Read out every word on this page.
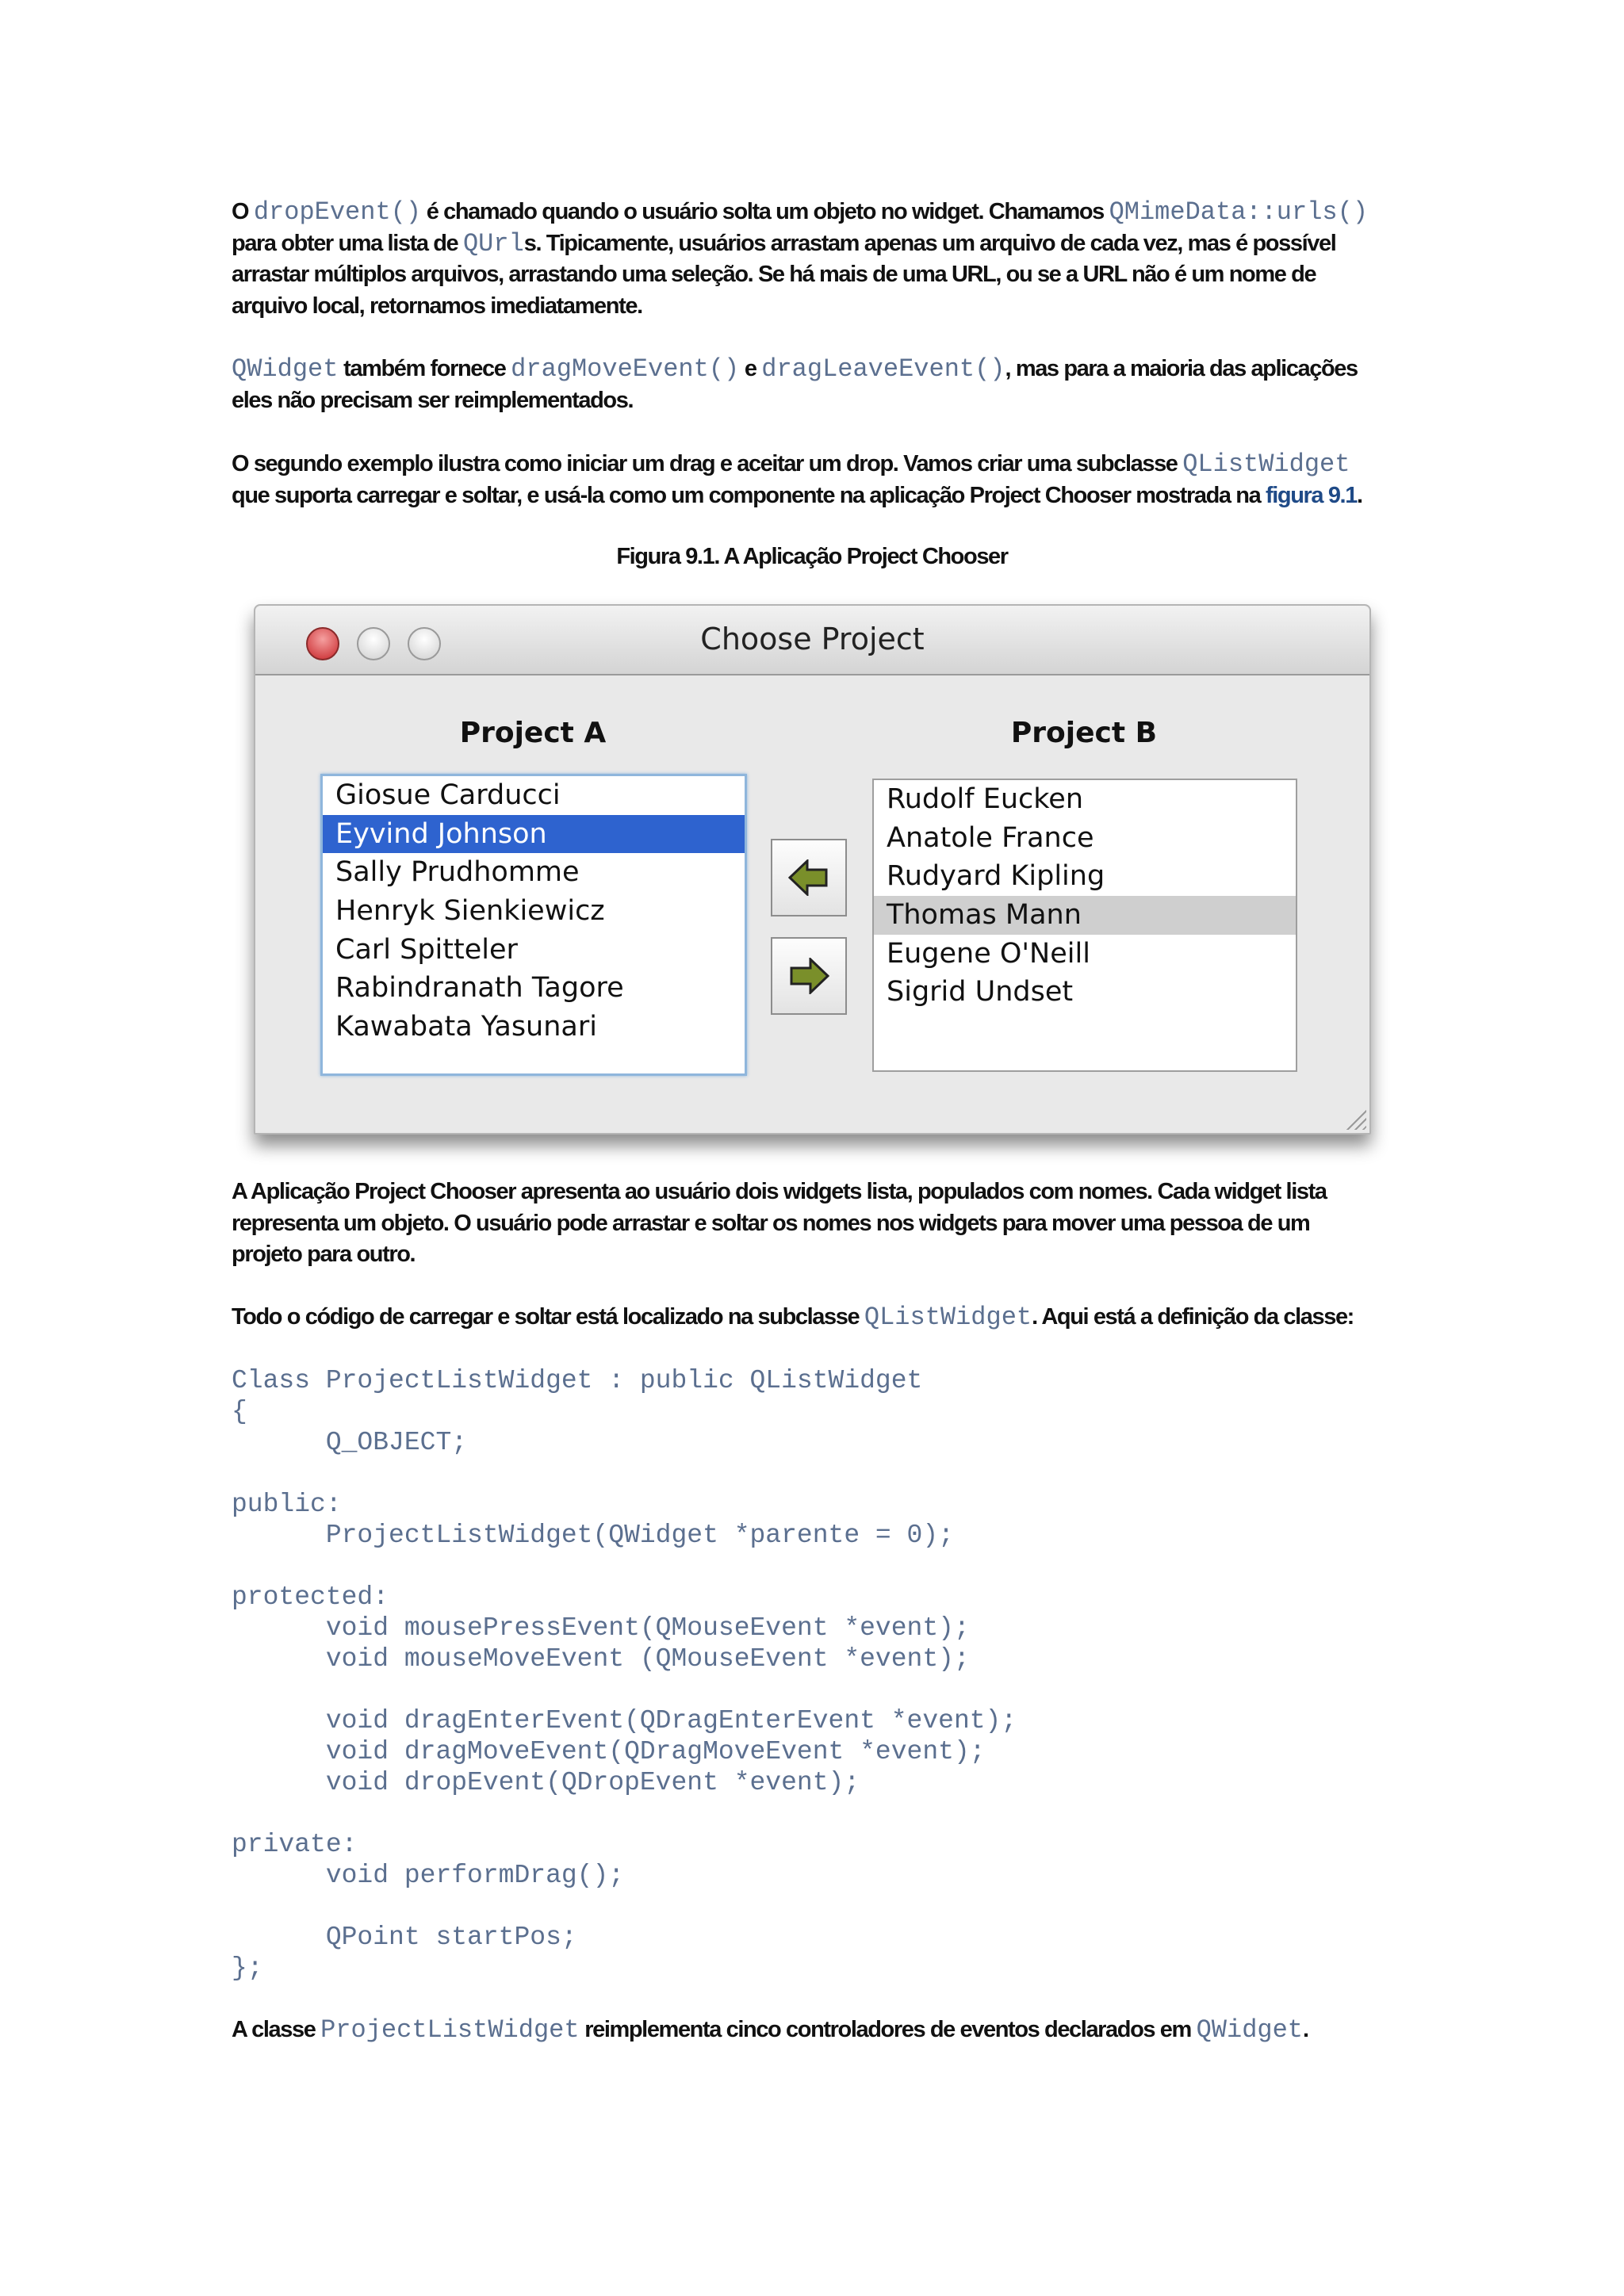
O dropEvent() é chamado quando o usuário solta um objeto no widget. Chamamos QMimeData::urls() para obter uma lista de QUrls. Tipicamente, usuários arrastam apenas um arquivo de cada vez, mas é possível arrastar múltiplos arquivos, arrastando uma seleção. Se há mais de uma URL, ou se a URL não é um nome de arquivo local, retornamos imediatamente.
QWidget também fornece dragMoveEvent() e dragLeaveEvent(), mas para a maioria das aplicações eles não precisam ser reimplementados.
O segundo exemplo ilustra como iniciar um drag e aceitar um drop. Vamos criar uma subclasse QListWidget que suporta carregar e soltar, e usá-la como um componente na aplicação Project Chooser mostrada na figura 9.1.
Figura 9.1. A Aplicação Project Chooser
Choose Project
Project A	Project B
Giosue Carducci
Eyvind Johnson
Sally Prudhomme
Henryk Sienkiewicz
Carl Spitteler
Rabindranath Tagore
Kawabata Yasunari
Rudolf Eucken
Anatole France
Rudyard Kipling
Thomas Mann
Eugene O'Neill
Sigrid Undset
A Aplicação Project Chooser apresenta ao usuário dois widgets lista, populados com nomes. Cada widget lista representa um objeto. O usuário pode arrastar e soltar os nomes nos widgets para mover uma pessoa de um projeto para outro.
Todo o código de carregar e soltar está localizado na subclasse QListWidget. Aqui está a definição da classe:
Class ProjectListWidget : public QListWidget
{
Q_OBJECT;
public:
ProjectListWidget(QWidget *parente = 0);
protected:
void mousePressEvent(QMouseEvent *event);
void mouseMoveEvent (QMouseEvent *event);
void dragEnterEvent(QDragEnterEvent *event);
void dragMoveEvent(QDragMoveEvent *event);
void dropEvent(QDropEvent *event);
private:
void performDrag();
QPoint startPos;
};
A classe ProjectListWidget reimplementa cinco controladores de eventos declarados em QWidget.
